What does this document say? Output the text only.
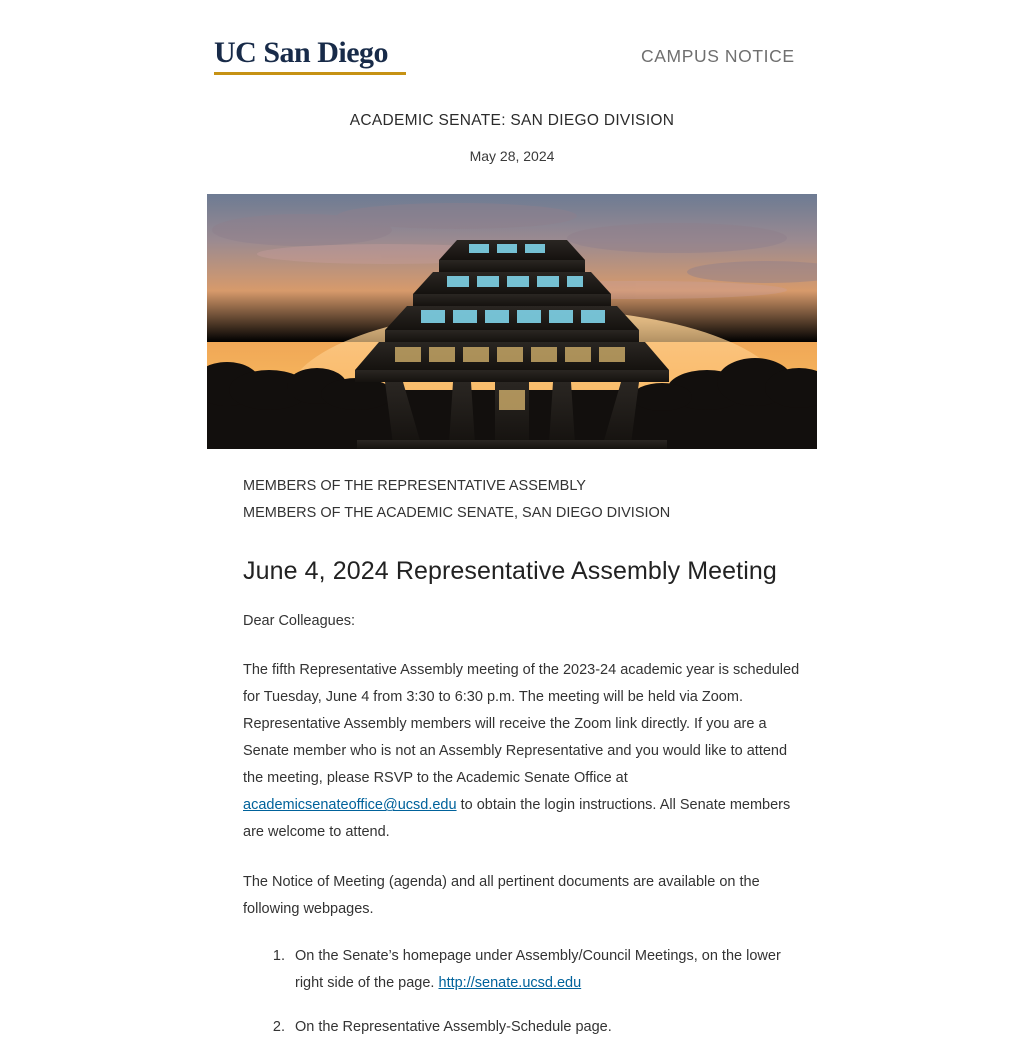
UC San Diego	CAMPUS NOTICE
ACADEMIC SENATE: SAN DIEGO DIVISION
May 28, 2024
MEMBERS OF THE REPRESENTATIVE ASSEMBLY
MEMBERS OF THE ACADEMIC SENATE, SAN DIEGO DIVISION
June 4, 2024 Representative Assembly Meeting

Dear Colleagues:

The fifth Representative Assembly meeting of the 2023-24 academic year is scheduled for Tuesday, June 4 from 3:30 to 6:30 p.m. The meeting will be held via Zoom. Representative Assembly members will receive the Zoom link directly. If you are a Senate member who is not an Assembly Representative and you would like to attend the meeting, please RSVP to the Academic Senate Office at academicsenateoffice@ucsd.edu to obtain the login instructions. All Senate members are welcome to attend.

The Notice of Meeting (agenda) and all pertinent documents are available on the following webpages.

1. On the Senate’s homepage under Assembly/Council Meetings, on the lower right side of the page. http://senate.ucsd.edu
2. On the Representative Assembly-Schedule page.
